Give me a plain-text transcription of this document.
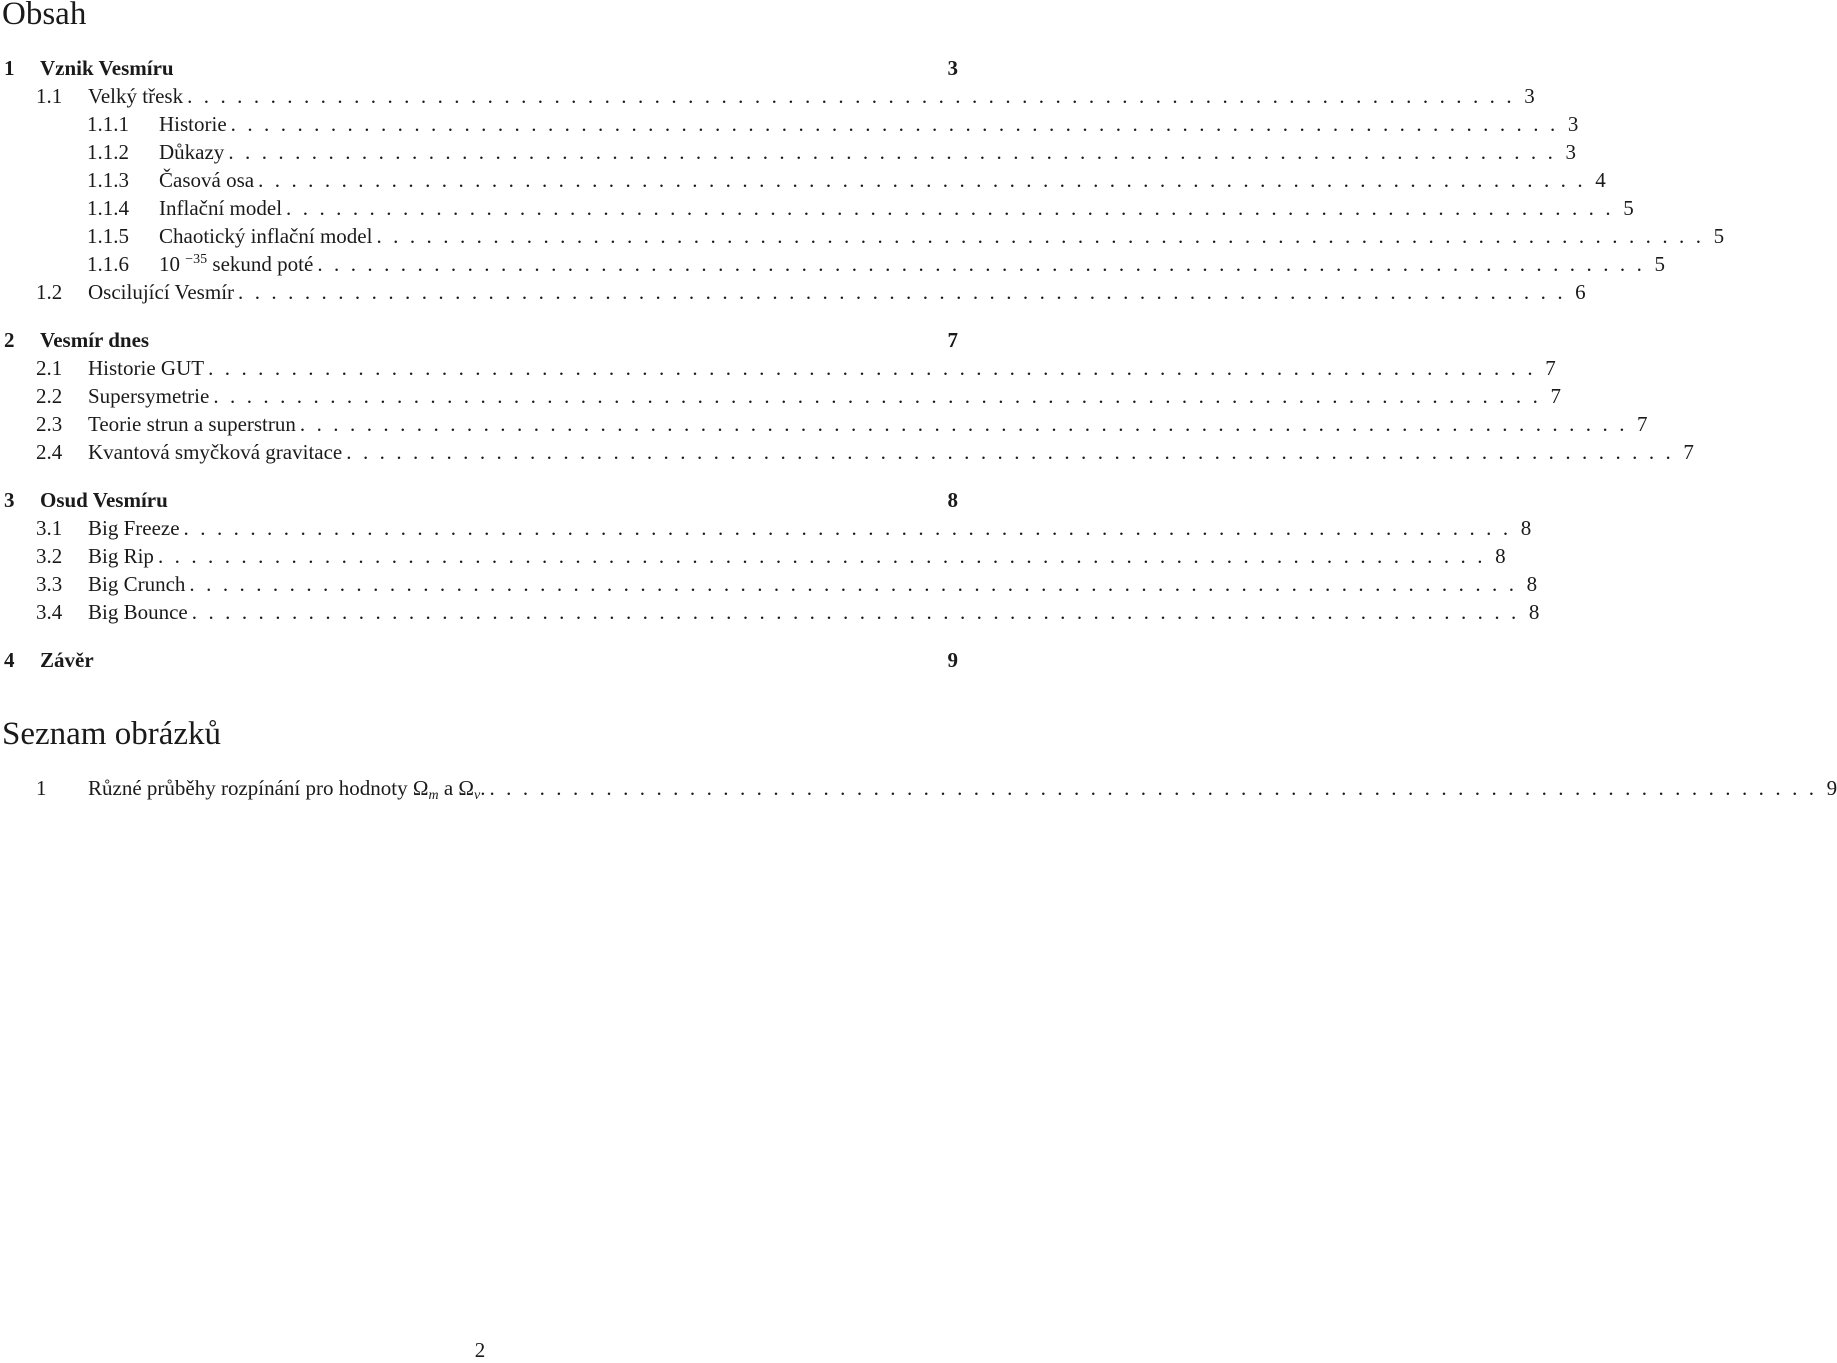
Obsah
1	Vznik Vesmíru	3
1.1	Velký třesk . . . . . . . . . . . . . . . . . . . . . . . . . . . . . . . . . . . . . . . . . . . . . . . . . . . . . . . . . . . . . . . . . . . . . . . . . . . . . . . . 3
1.1.1	Historie . . . . . . . . . . . . . . . . . . . . . . . . . . . . . . . . . . . . . . . . . . . . . . . . . . . . . . . . . . . . . . . . . . . . . . . . . . . . . . . . 3
1.1.2	Důkazy . . . . . . . . . . . . . . . . . . . . . . . . . . . . . . . . . . . . . . . . . . . . . . . . . . . . . . . . . . . . . . . . . . . . . . . . . . . . . . . . 3
1.1.3	Časová osa . . . . . . . . . . . . . . . . . . . . . . . . . . . . . . . . . . . . . . . . . . . . . . . . . . . . . . . . . . . . . . . . . . . . . . . . . . . . . . . . 4
1.1.4	Inflační model . . . . . . . . . . . . . . . . . . . . . . . . . . . . . . . . . . . . . . . . . . . . . . . . . . . . . . . . . . . . . . . . . . . . . . . . . . . . . . . . 5
1.1.5	Chaotický inflační model . . . . . . . . . . . . . . . . . . . . . . . . . . . . . . . . . . . . . . . . . . . . . . . . . . . . . . . . . . . . . . . . . . . . . . . . . . . . . . . . 5
1.1.6	10 $^{-35}$ sekund poté . . . . . . . . . . . . . . . . . . . . . . . . . . . . . . . . . . . . . . . . . . . . . . . . . . . . . . . . . . . . . . . . . . . . . . . . . . . . . . . . 5
1.2	Oscilující Vesmír . . . . . . . . . . . . . . . . . . . . . . . . . . . . . . . . . . . . . . . . . . . . . . . . . . . . . . . . . . . . . . . . . . . . . . . . . . . . . . . . 6
2	Vesmír dnes	7
2.1	Historie GUT . . . . . . . . . . . . . . . . . . . . . . . . . . . . . . . . . . . . . . . . . . . . . . . . . . . . . . . . . . . . . . . . . . . . . . . . . . . . . . . . 7
2.2	Supersymetrie . . . . . . . . . . . . . . . . . . . . . . . . . . . . . . . . . . . . . . . . . . . . . . . . . . . . . . . . . . . . . . . . . . . . . . . . . . . . . . . . 7
2.3	Teorie strun a superstrun . . . . . . . . . . . . . . . . . . . . . . . . . . . . . . . . . . . . . . . . . . . . . . . . . . . . . . . . . . . . . . . . . . . . . . . . . . . . . . . . 7
2.4	Kvantová smyčková gravitace . . . . . . . . . . . . . . . . . . . . . . . . . . . . . . . . . . . . . . . . . . . . . . . . . . . . . . . . . . . . . . . . . . . . . . . . . . . . . . . . 7
3	Osud Vesmíru	8
3.1	Big Freeze . . . . . . . . . . . . . . . . . . . . . . . . . . . . . . . . . . . . . . . . . . . . . . . . . . . . . . . . . . . . . . . . . . . . . . . . . . . . . . . . 8
3.2	Big Rip . . . . . . . . . . . . . . . . . . . . . . . . . . . . . . . . . . . . . . . . . . . . . . . . . . . . . . . . . . . . . . . . . . . . . . . . . . . . . . . . 8
3.3	Big Crunch . . . . . . . . . . . . . . . . . . . . . . . . . . . . . . . . . . . . . . . . . . . . . . . . . . . . . . . . . . . . . . . . . . . . . . . . . . . . . . . . 8
3.4	Big Bounce . . . . . . . . . . . . . . . . . . . . . . . . . . . . . . . . . . . . . . . . . . . . . . . . . . . . . . . . . . . . . . . . . . . . . . . . . . . . . . . . 8
4	Závěr	9
Seznam obrázků
1	Různé průběhy rozpínání pro hodnoty $\Omega_m$ a $\Omega_v$. . . . . . . . . . . . . . . . . . . . . . . . . . . . . . . . . . . . . . . . . . . . . . . . . . . . . . . . . . . . . . . . . . . . . . . . . . . . . . . . . 9
2
